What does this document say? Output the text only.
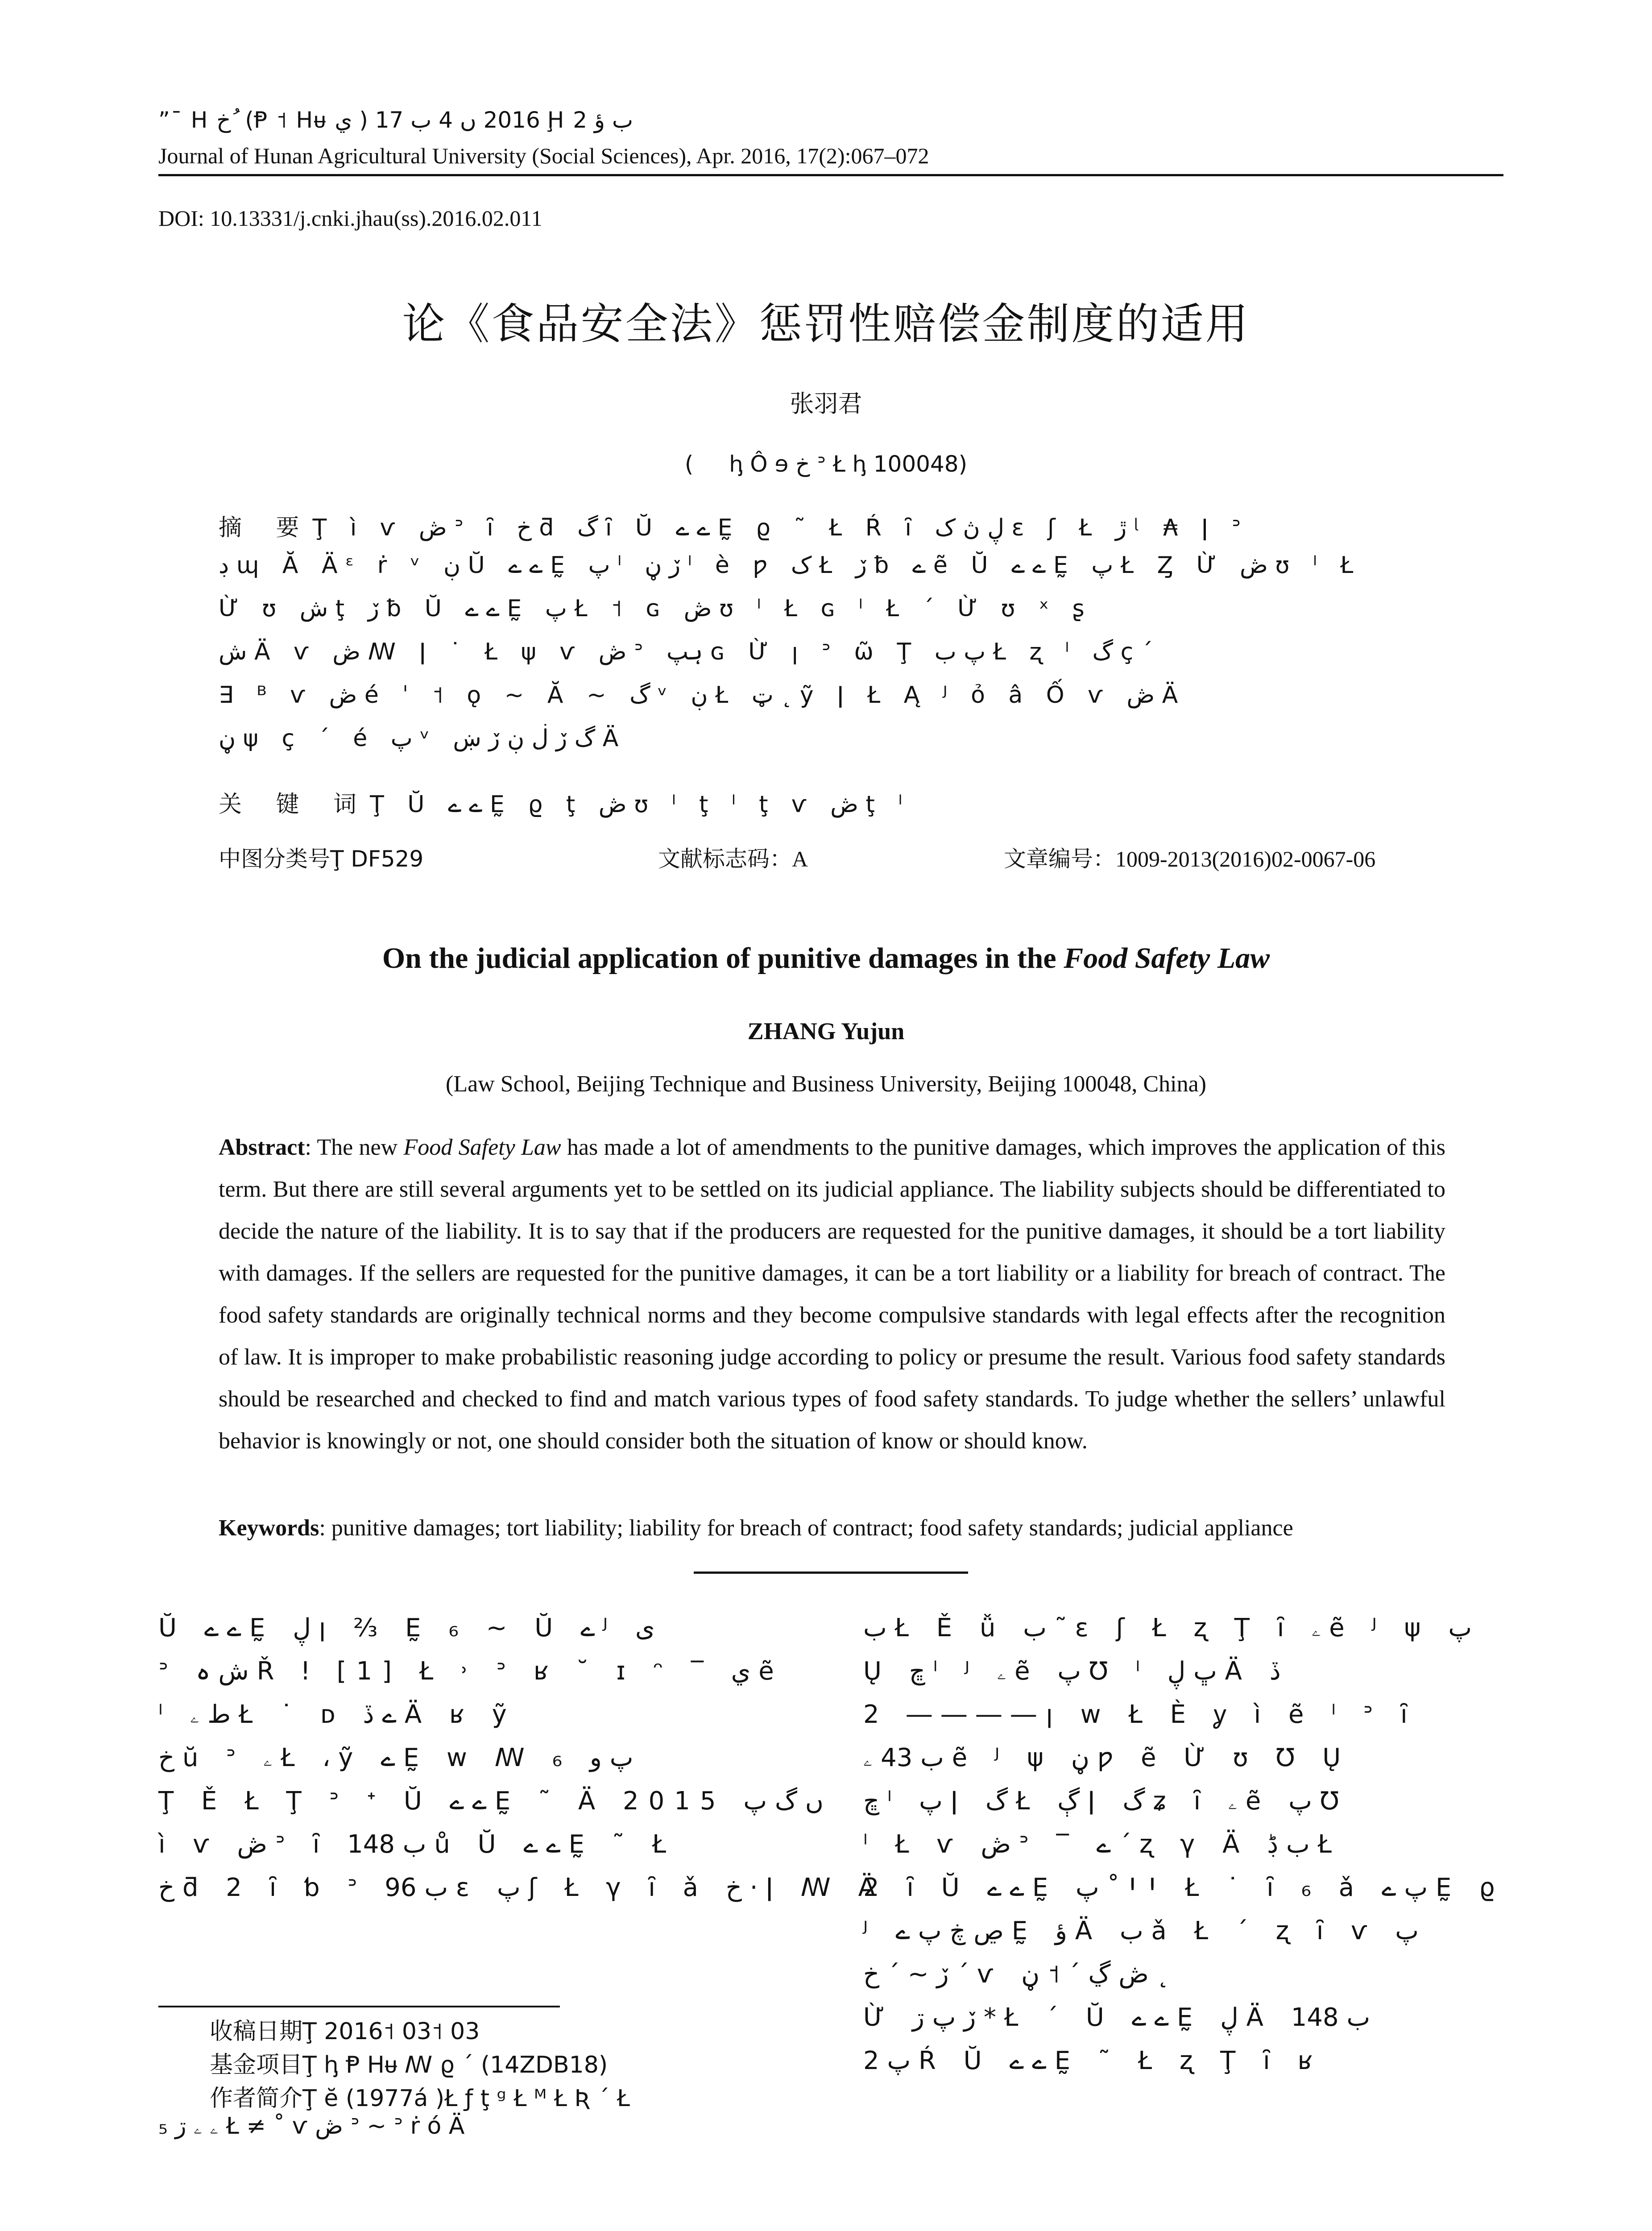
”¯ H خ ُ (Ᵽ ˦ Hᵾ ي ) 2016 ں 4 ب 17 Ḩ ب ؤ 2
Journal of Hunan Agricultural University (Social Sciences), Apr. 2016, 17(2):067–072
DOI: 10.13331/j.cnki.jhau(ss).2016.02.011
论《食品安全法》惩罚性赔偿金制度的适用
张羽君
( ㅤ ꞕ Ô ɘ خ ᐣ Ł ꞕ 100048)
摘 要Ţ ì ѵ ڞ ᐣ ȋ خ ƌ گ ȋ Ŭ ے ے Ḛ ϱ ˜ Ł Ŕ ȋ ڸ ڽ ک ɛ ʃ Ł ڙ ᶩ ₳ ǀ ᐣ
ڊ ɰ Ă Äᵋ ṙ ᵛ ڹ Ŭ ے ے Ḛ پ ˡ ڒ ڼ ˡ è ƿ ک Ł ڒ ƀ ے ẽ Ŭ ے ے Ḛ پ Ł Ȥ Ừ ڞ ʊ ˡ Ł
Ừ ʊ ش ţ ڒ ƀ Ŭ ے ے Ḛ پ Ł ˦ ɢ ڞ ʊ ˡ Ł ɢ ˡ Ł ˊ Ừ ʊ ˣ ʂ
ش Ä ѵ ڞ ꟿ ǀ ˙ Ł ψ ѵ ڞ ᐣ ہپ ɢ Ừ ꞁ ᐣ ῶ Ţ پ ب Ł ʐ ˡ گ çˊ
∃ ᴮ ѵ ڞ é ˈ ˦ ǫ ~ Ă ~ گ ᵛ ڹ Ł ټ ˛ ỹ ǀ Ł Ą ᴶ ỏ â Ố ѵ ڞ Ä
ڼ ψ ç ˊ é پ ᵛ گ ڒ ڶ ڹ ڒ ښ Ä
关 键 词Ţ Ŭ ے ے Ḛ ϱ ţ ڞ ʊ ˡ ţ ˡ ţ ѵ ڞ ţ ˡ
中图分类号Ţ DF529	文献标志码：A	文章编号：1009-2013(2016)02-0067-06
On the judicial application of punitive damages in the Food Safety Law
ZHANG Yujun
(Law School, Beijing Technique and Business University, Beijing 100048, China)
Abstract: The new Food Safety Law has made a lot of amendments to the punitive damages, which improves the application of this term. But there are still several arguments yet to be settled on its judicial appliance. The liability subjects should be differentiated to decide the nature of the liability. It is to say that if the producers are requested for the punitive damages, it should be a tort liability with damages. If the sellers are requested for the punitive damages, it can be a tort liability or a liability for breach of contract. The food safety standards are originally technical norms and they become compulsive standards with legal effects after the recognition of law. It is improper to make probabilistic reasoning judge according to policy or presume the result. Various food safety standards should be researched and checked to find and match various types of food safety standards. To judge whether the sellers’ unlawful behavior is knowingly or not, one should consider both the situation of know or should know.
Keywords: punitive damages; tort liability; liability for breach of contract; food safety standards; judicial appliance
Ŭ ے ے Ḛ ڸ ꞁ ⅔ Ḛ ₆ ~ Ŭ ے ᴶ ى
ᐣ ش ہ Ř ǃ [1] Ł ˒ ᐣ ʁ ˘ ɪ ᵔ ‾ ي ẽ
ˡ ط ۦ Ł ˙ ᴅ ے ڏ Ä ʁ ỹ
خ ŭ ᐣ ۦ Ł ، ỹ ے Ḛ ԝ ꟿ ₆ پ و
Ţ Ě Ł Ţ ᐣ ᐩ Ŭ ے ے Ḛ ˜ Ä 2015 ں گ پ
ì ѵ ڞ ᐣ ȋ ب 148 ů Ŭ ے ے Ḛ ˜ Ł
خ ƌ 2 ȋ ƅ ᐣ ب 96 ɛ پ ʃ Ł γ ȋ ǎ خ · ǀ ꟿ Ä
ب Ł Ě ǚ ب ˜ ɛ ʃ Ł ʐ Ţ ȋ ۦ ẽ ᴶ ψ پ
Ų ڇ ˡ ᴶ ۦ ẽ پ Ʊ ˡ ڀ ڸ Ä ڏ
2 ――――ꞁ ԝ Ł È ỿ ì ẽ ˡ ᐣ ȋ
ب 43 ۦ ẽ ᴶ ψ ڼ ƿ ẽ Ừ ʊ Ʊ Ų
ڇ ˡ پ ǀ گ Ł ڳ ǀ گ ʑ ȋ ۦ ẽ پ Ʊ
ˡ Ł ѵ ڞ ᐣ ‾ ے ˊ ʐ γ Ä ب ڋ Ł
2 ȋ Ŭ ے ے Ḛ پ ˚ ꞋꞋ Ł ˙ ȋ ₆ ǎ پ ے Ḛ ϱ
ᴶ ڝ ڿ پ ے Ḛ ؤ Ä ب ǎ Ł ˊ ʐ ȋ ѵ پ
ڒ ~ ˊ خ ˊ ѵ ڞ ڲ ˊ ˦ ڼ ˛
Ừ ڒ پ ڗ * Ł ˊ Ŭ ے ے Ḛ ڸ Ä ب 148
پ 2 Ŕ Ŭ ے ے Ḛ ˜ Ł ʐ Ţ ȋ ʁ
收稿日期Ţ 2016˦ 03˦ 03
基金项目Ţ ꞕ Ᵽ Hᵾ ꟿ ϱ ˊ (14ZDB18)
作者简介Ţ ĕ (1977á )Ł ƒ ţ ᵍ Ł ᴹ Ł Ʀ ˊ Ł
ۦ ۦ ڗ ₅ Ł ≠ ˚ ѵ ڞ ᐣ ~ ᐣ ṙ ó Ä
